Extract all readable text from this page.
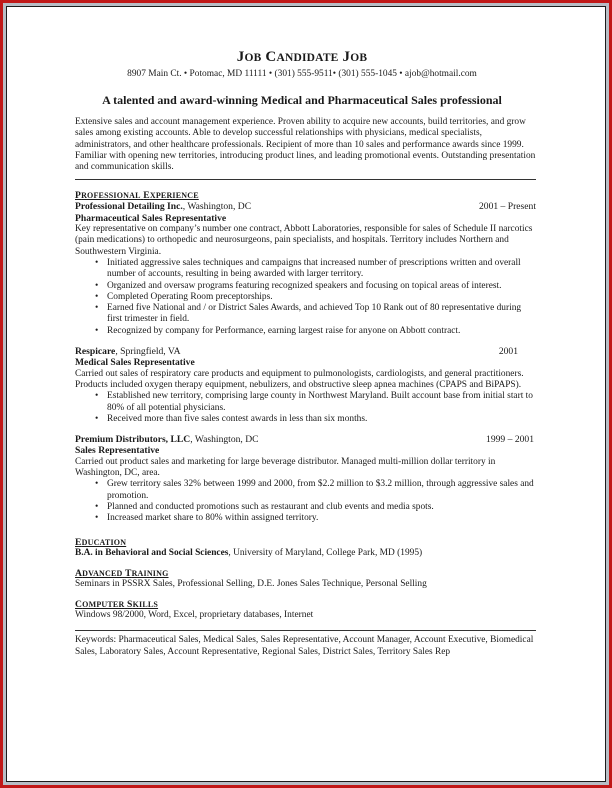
JOB CANDIDATE JOB
8907 Main Ct. • Potomac, MD 11111 • (301) 555-9511• (301) 555-1045 • ajob@hotmail.com
A talented and award-winning Medical and Pharmaceutical Sales professional
Extensive sales and account management experience. Proven ability to acquire new accounts, build territories, and grow sales among existing accounts. Able to develop successful relationships with physicians, medical specialists, administrators, and other healthcare professionals. Recipient of more than 10 sales and performance awards since 1999. Familiar with opening new territories, introducing product lines, and leading promotional events. Outstanding presentation and communication skills.
PROFESSIONAL EXPERIENCE
Professional Detailing Inc., Washington, DC	2001 – Present
Pharmaceutical Sales Representative
Key representative on company’s number one contract, Abbott Laboratories, responsible for sales of Schedule II narcotics (pain medications) to orthopedic and neurosurgeons, pain specialists, and hospitals. Territory includes Northern and Southwestern Virginia.
• Initiated aggressive sales techniques and campaigns that increased number of prescriptions written and overall number of accounts, resulting in being awarded with larger territory.
• Organized and oversaw programs featuring recognized speakers and focusing on topical areas of interest.
• Completed Operating Room preceptorships.
• Earned five National and / or District Sales Awards, and achieved Top 10 Rank out of 80 representative during first trimester in field.
• Recognized by company for Performance, earning largest raise for anyone on Abbott contract.
Respicare, Springfield, VA	2001
Medical Sales Representative
Carried out sales of respiratory care products and equipment to pulmonologists, cardiologists, and general practitioners. Products included oxygen therapy equipment, nebulizers, and obstructive sleep apnea machines (CPAPS and BiPAPS).
• Established new territory, comprising large county in Northwest Maryland. Built account base from initial start to 80% of all potential physicians.
• Received more than five sales contest awards in less than six months.
Premium Distributors, LLC, Washington, DC	1999 – 2001
Sales Representative
Carried out product sales and marketing for large beverage distributor. Managed multi-million dollar territory in Washington, DC, area.
• Grew territory sales 32% between 1999 and 2000, from $2.2 million to $3.2 million, through aggressive sales and promotion.
• Planned and conducted promotions such as restaurant and club events and media spots.
• Increased market share to 80% within assigned territory.
EDUCATION
B.A. in Behavioral and Social Sciences, University of Maryland, College Park, MD (1995)
ADVANCED TRAINING
Seminars in PSSRX Sales, Professional Selling, D.E. Jones Sales Technique, Personal Selling
COMPUTER SKILLS
Windows 98/2000, Word, Excel, proprietary databases, Internet
Keywords: Pharmaceutical Sales, Medical Sales, Sales Representative, Account Manager, Account Executive, Biomedical Sales, Laboratory Sales, Account Representative, Regional Sales, District Sales, Territory Sales Rep
